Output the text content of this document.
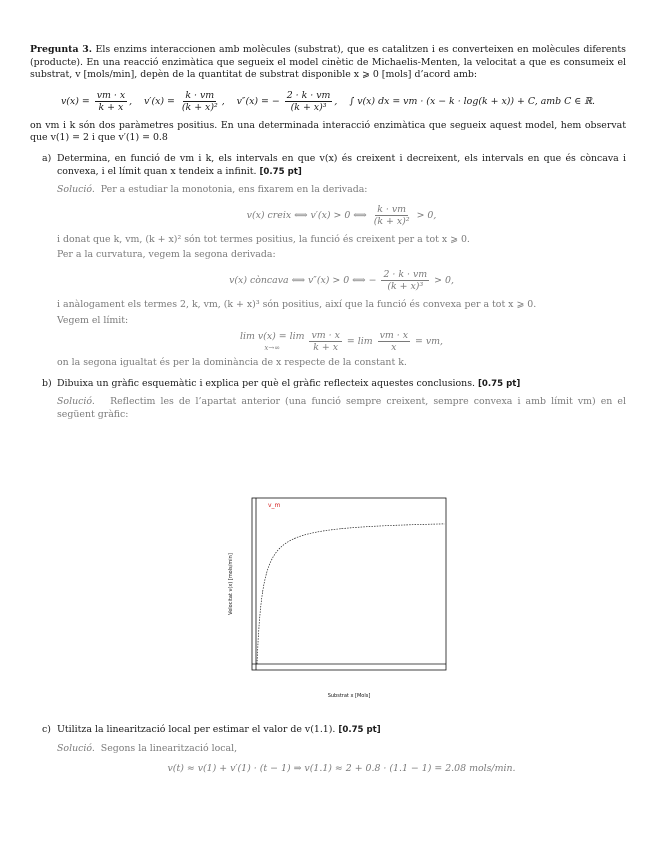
Pregunta 3. Els enzims interaccionen amb molècules (substrat), que es catalitzen i es converteixen en molècules diferents (producte). En una reacció enzimàtica que segueix el model cinètic de Michaelis-Menten, la velocitat a que es consumeix el substrat, v [mols/min], depèn de la quantitat de substrat disponible x ⩾ 0 [mols] d’acord amb:

$v(x) = \frac{vm \cdot x}{k + x}$ ,    $v'(x) = \frac{k \cdot vm}{\text{(k + x)²}}$ ,    v″(x) = − $\frac{2 \cdot k \cdot vm}{\text{(k + x)³}}$ ,    ∫ v(x) dx = vm · (x − k · log(k + x)) + C, amb C ∈ ℝ.

on vm i k són dos paràmetres positius. En una determinada interacció enzimàtica que segueix aquest model, hem observat que v(1) = 2 i que v′(1) = 0.8

a) Determina, en funció de vm i k, els intervals en que v(x) és creixent i decreixent, els intervals en que és còncava i convexa, i el límit quan x tendeix a infinit. [0.75 pt]

Solució. Per a estudiar la monotonia, ens fixarem en la derivada:

v(x) creix ⟺ v′(x) > 0 ⟺ $\frac{k \cdot vm}{\text{(k + x)²}} > 0$,

i donat que k, vm, (k + x)² són tot termes positius, la funció és creixent per a tot x ⩾ 0.

Per a la curvatura, vegem la segona derivada:

v(x) còncava ⟺ v″(x) > 0 ⟺ − $\frac{2 \cdot k \cdot vm}{\text{(k + x)³}} > 0$,

i anàlogament els termes 2, k, vm, (k + x)³ són positius, així que la funció és convexa per a tot x ⩾ 0.

Vegem el límit:

lim v(x) = lim
x→∞
	$\frac{vm \cdot x}{k + x} = \lim \frac{vm \cdot x}{x}$ = vm,

on la segona igualtat és per la dominància de x respecte de la constant k.

b) Dibuixa un gràfic esquemàtic i explica per què el gràfic reflecteix aquestes conclusions. [0.75 pt]

Solució. Reflectim les de l’apartat anterior (una funció sempre creixent, sempre convexa i amb límit vm) en el següent gràfic:

v_m
Velocitat v(x) [mols/min]
Substrat x [Mols]
c) Utilitza la linearització local per estimar el valor de v(1.1). [0.75 pt]

Solució. Segons la linearització local,

v(t) ≈ v(1) + v′(1) · (t − 1) ⇒ v(1.1) ≈ 2 + 0.8 · (1.1 − 1) = 2.08 mols/min.
